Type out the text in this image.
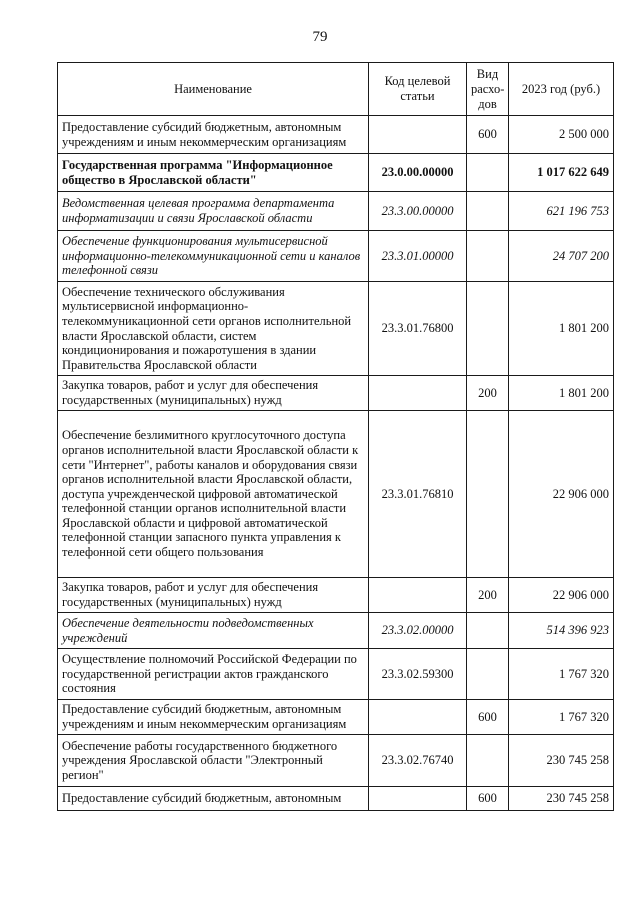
79
Наименование	Код целевой статьи	Вид расхо-дов	2023 год (руб.)
Предоставление субсидий бюджетным, автономным учреждениям и иным некоммерческим организациям		600	2 500 000
Государственная программа "Информационное общество в Ярославской области"	23.0.00.00000		1 017 622 649
Ведомственная целевая программа департамента информатизации и связи Ярославской области	23.3.00.00000		621 196 753
Обеспечение функционирования мультисервисной информационно-телекоммуникационной сети и каналов телефонной связи	23.3.01.00000		24 707 200
Обеспечение технического обслуживания мультисервисной информационно-телекоммуникационной сети органов исполнительной власти Ярославской области, систем кондиционирования и пожаротушения в здании Правительства Ярославской области	23.3.01.76800		1 801 200
Закупка товаров, работ и услуг для обеспечения государственных (муниципальных) нужд		200	1 801 200
Обеспечение безлимитного круглосуточного доступа органов исполнительной власти Ярославской области к сети "Интернет", работы каналов и оборудования связи органов исполнительной власти Ярославской области, доступа учрежденческой цифровой автоматической телефонной станции органов исполнительной власти Ярославской области и цифровой автоматической телефонной станции запасного пункта управления к телефонной сети общего пользования	23.3.01.76810		22 906 000
Закупка товаров, работ и услуг для обеспечения государственных (муниципальных) нужд		200	22 906 000
Обеспечение деятельности подведомственных учреждений	23.3.02.00000		514 396 923
Осуществление полномочий Российской Федерации по государственной регистрации актов гражданского состояния	23.3.02.59300		1 767 320
Предоставление субсидий бюджетным, автономным учреждениям и иным некоммерческим организациям		600	1 767 320
Обеспечение работы государственного бюджетного учреждения Ярославской области "Электронный регион"	23.3.02.76740		230 745 258
Предоставление субсидий бюджетным, автономным		600	230 745 258
